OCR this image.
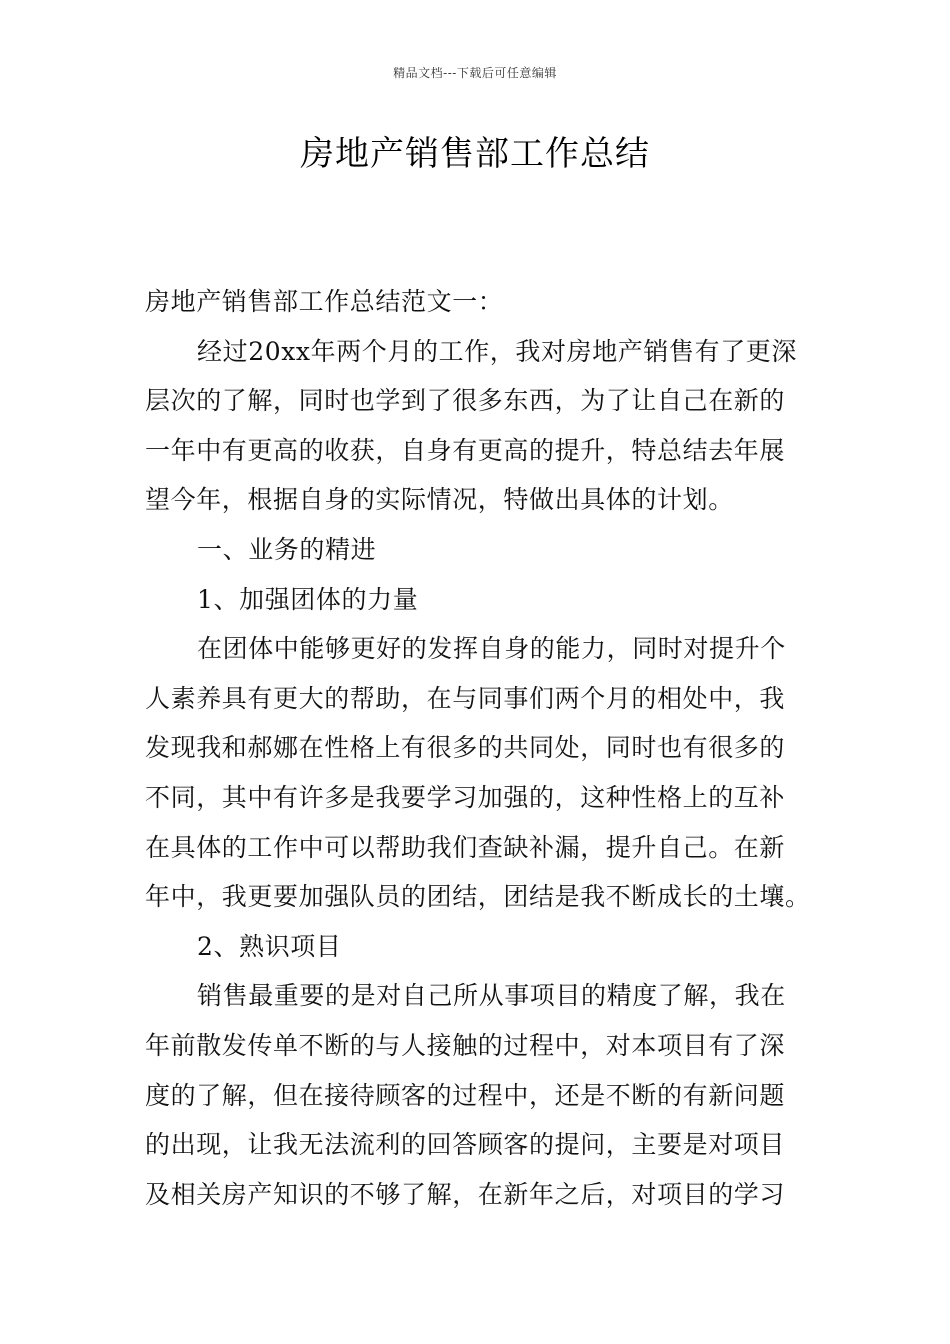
精品文档---下载后可任意编辑
房地产销售部工作总结
房地产销售部工作总结范文一：
经过20xx年两个月的工作，我对房地产销售有了更深
层次的了解，同时也学到了很多东西，为了让自己在新的
一年中有更高的收获，自身有更高的提升，特总结去年展
望今年，根据自身的实际情况，特做出具体的计划。
一、业务的精进
1、加强团体的力量
在团体中能够更好的发挥自身的能力，同时对提升个
人素养具有更大的帮助，在与同事们两个月的相处中，我
发现我和郝娜在性格上有很多的共同处，同时也有很多的
不同，其中有许多是我要学习加强的，这种性格上的互补
在具体的工作中可以帮助我们查缺补漏，提升自己。在新
年中，我更要加强队员的团结，团结是我不断成长的土壤。
2、熟识项目
销售最重要的是对自己所从事项目的精度了解，我在
年前散发传单不断的与人接触的过程中，对本项目有了深
度的了解，但在接待顾客的过程中，还是不断的有新问题
的出现，让我无法流利的回答顾客的提问，主要是对项目
及相关房产知识的不够了解，在新年之后，对项目的学习
